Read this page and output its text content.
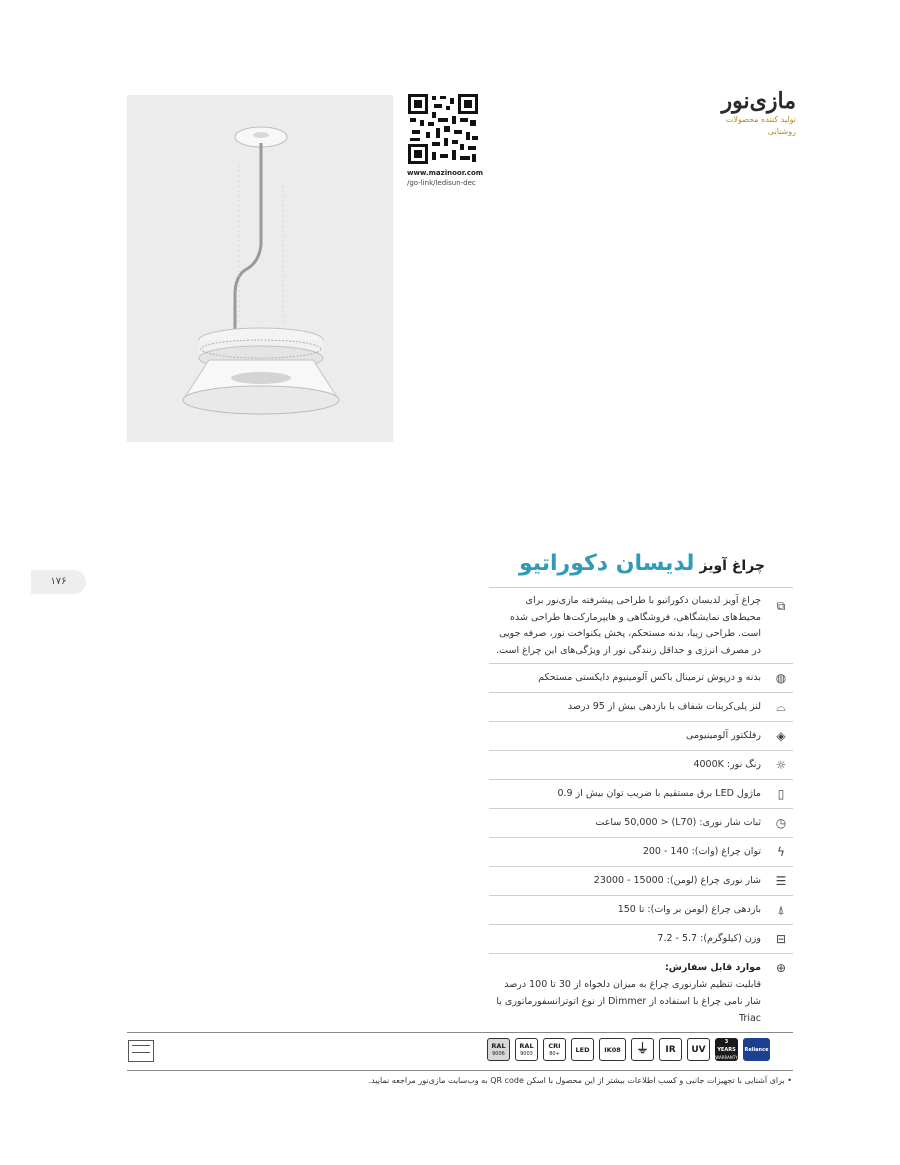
www.mazinoor.com
/go-link/ledisun-dec
مازی‌نور
تولید کننده محصولات روشنایی
۱۷۶
چراغ آویز لدیسان دکوراتیو
⧉
چراغ آویز لدیسان دکوراتیو با طراحی پیشرفته مازی‌نور برای محیط‌های نمایشگاهی، فروشگاهی و هایپرمارکت‌ها طراحی شده است. طراحی زیبا، بدنه مستحکم، پخش یکنواخت نور، صرفه جویی در مصرف انرژی و حداقل زنندگی نور از ویژگی‌های این چراغ است.
◍
بدنه و درپوش ترمینال باکس آلومینیوم دایکستی مستحکم
⌓
لنز پلی‌کربنات شفاف با بازدهی بیش از 95 درصد
◈
رفلکتور آلومینیومی
☼
رنگ نور: 4000K
▯
ماژول LED برق مستقیم با ضریب توان بیش از 0.9
◷
ثبات شار نوری: (L70) < 50,000 ساعت
ϟ
توان چراغ (وات): 140 - 200
☰
شار نوری چراغ (لومن): 15000 - 23000
⍋
بازدهی چراغ (لومن بر وات): تا 150
⊟
وزن (کیلوگرم): 5.7 - 7.2
⊕
موارد قابل سفارش:
قابلیت تنظیم شارنوری چراغ به میزان دلخواه از 30 تا 100 درصد شار نامی چراغ با استفاده از Dimmer از نوع اتوترانسفورماتوری یا Triac
RAL
9006
RAL
9003
CRI
80+ LED IK08 ⏚ IR UV
3 YEARS
WARRANTY
Reliance
• برای آشنایی با تجهیزات جانبی و کسب اطلاعات بیشتر از این محصول با اسکن QR code به وب‌سایت مازی‌نور مراجعه نمایید.
